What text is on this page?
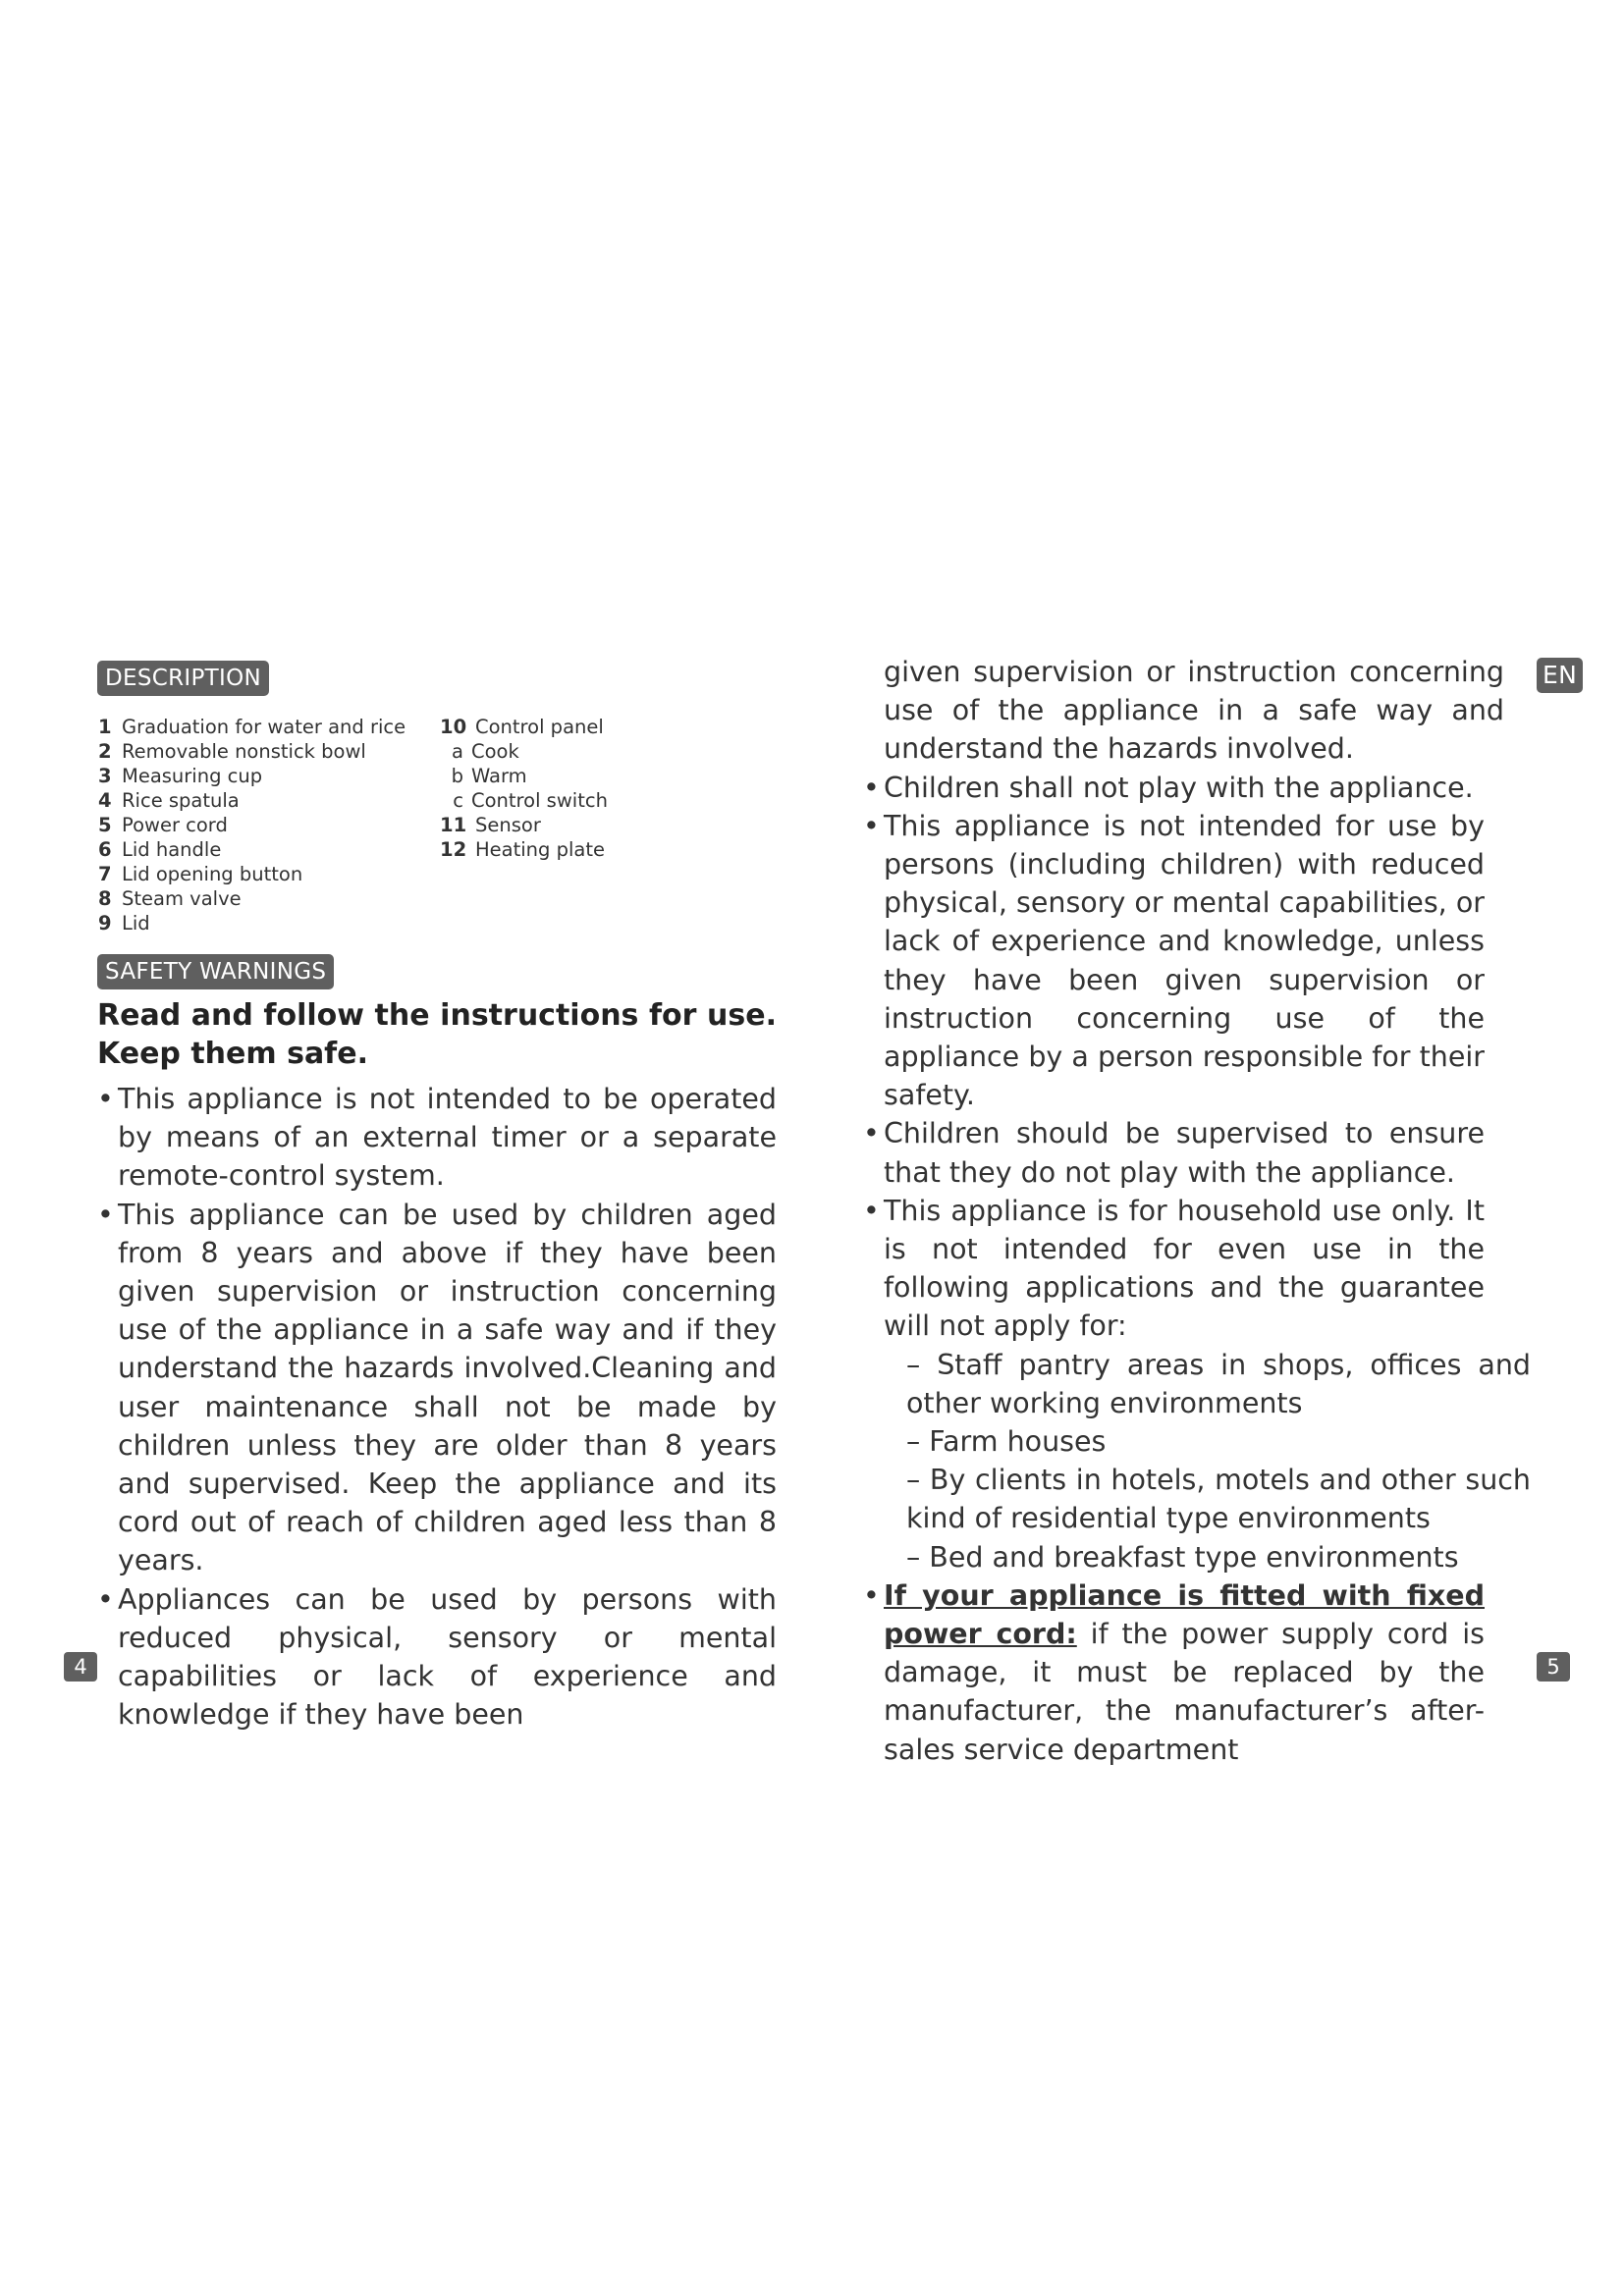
DESCRIPTION
1 Graduation for water and rice
2 Removable nonstick bowl
3 Measuring cup
4 Rice spatula
5 Power cord
6 Lid handle
7 Lid opening button
8 Steam valve
9 Lid
10 Control panel
a Cook
b Warm
c Control switch
11 Sensor
12 Heating plate
SAFETY WARNINGS
Read and follow the instructions for use. Keep them safe.
• This appliance is not intended to be operated by means of an external timer or a separate remote-control system.
• This appliance can be used by children aged from 8 years and above if they have been given supervision or instruction concerning use of the appliance in a safe way and if they understand the hazards involved.Cleaning and user maintenance shall not be made by children unless they are older than 8 years and supervised. Keep the appliance and its cord out of reach of children aged less than 8 years.
• Appliances can be used by persons with reduced physical, sensory or mental capabilities or lack of experience and knowledge if they have been
4
EN
given supervision or instruction concerning use of the appliance in a safe way and understand the hazards involved.
• Children shall not play with the appliance.
• This appliance is not intended for use by persons (including children) with reduced physical, sensory or mental capabilities, or lack of experience and knowledge, unless they have been given supervision or instruction concerning use of the appliance by a person responsible for their safety.
• Children should be supervised to ensure that they do not play with the appliance.
• This appliance is for household use only. It is not intended for even use in the following applications and the guarantee will not apply for:
– Staff pantry areas in shops, offices and other working environments
– Farm houses
– By clients in hotels, motels and other such kind of residential type environments
– Bed and breakfast type environments
• If your appliance is fitted with fixed power cord: if the power supply cord is damage, it must be replaced by the manufacturer, the manufacturer’s after-sales service department
5
